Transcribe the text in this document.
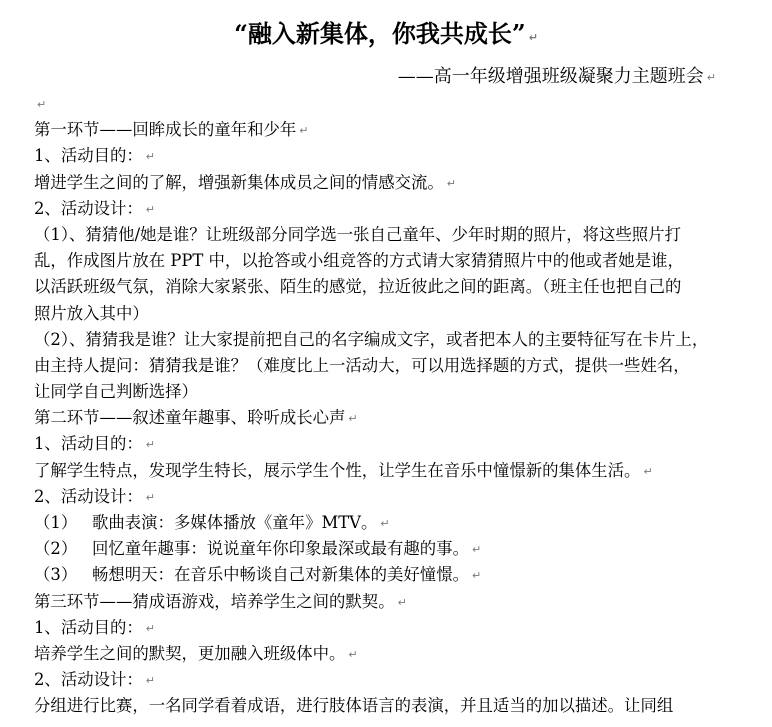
“融入新集体，你我共成长” ↵
——高一年级增强班级凝聚力主题班会 ↵
↵
第一环节——回眸成长的童年和少年 ↵
1、活动目的： ↵
增进学生之间的了解，增强新集体成员之间的情感交流。 ↵
2、活动设计： ↵
（1）、猜猜他/她是谁？让班级部分同学选一张自己童年、少年时期的照片，将这些照片打
乱，作成图片放在 PPT 中，以抢答或小组竞答的方式请大家猜猜照片中的他或者她是谁，
以活跃班级气氛，消除大家紧张、陌生的感觉，拉近彼此之间的距离。（班主任也把自己的
照片放入其中）
（2）、猜猜我是谁？让大家提前把自己的名字编成文字，或者把本人的主要特征写在卡片上，
由主持人提问：猜猜我是谁？（难度比上一活动大，可以用选择题的方式，提供一些姓名，
让同学自己判断选择）
第二环节——叙述童年趣事、聆听成长心声 ↵
1、活动目的： ↵
了解学生特点，发现学生特长，展示学生个性，让学生在音乐中憧憬新的集体生活。 ↵
2、活动设计： ↵
（1） 歌曲表演：多媒体播放《童年》MTV。 ↵
（2） 回忆童年趣事：说说童年你印象最深或最有趣的事。 ↵
（3） 畅想明天：在音乐中畅谈自己对新集体的美好憧憬。 ↵
第三环节——猜成语游戏，培养学生之间的默契。 ↵
1、活动目的： ↵
培养学生之间的默契，更加融入班级体中。 ↵
2、活动设计： ↵
分组进行比赛，一名同学看着成语，进行肢体语言的表演，并且适当的加以描述。让同组
